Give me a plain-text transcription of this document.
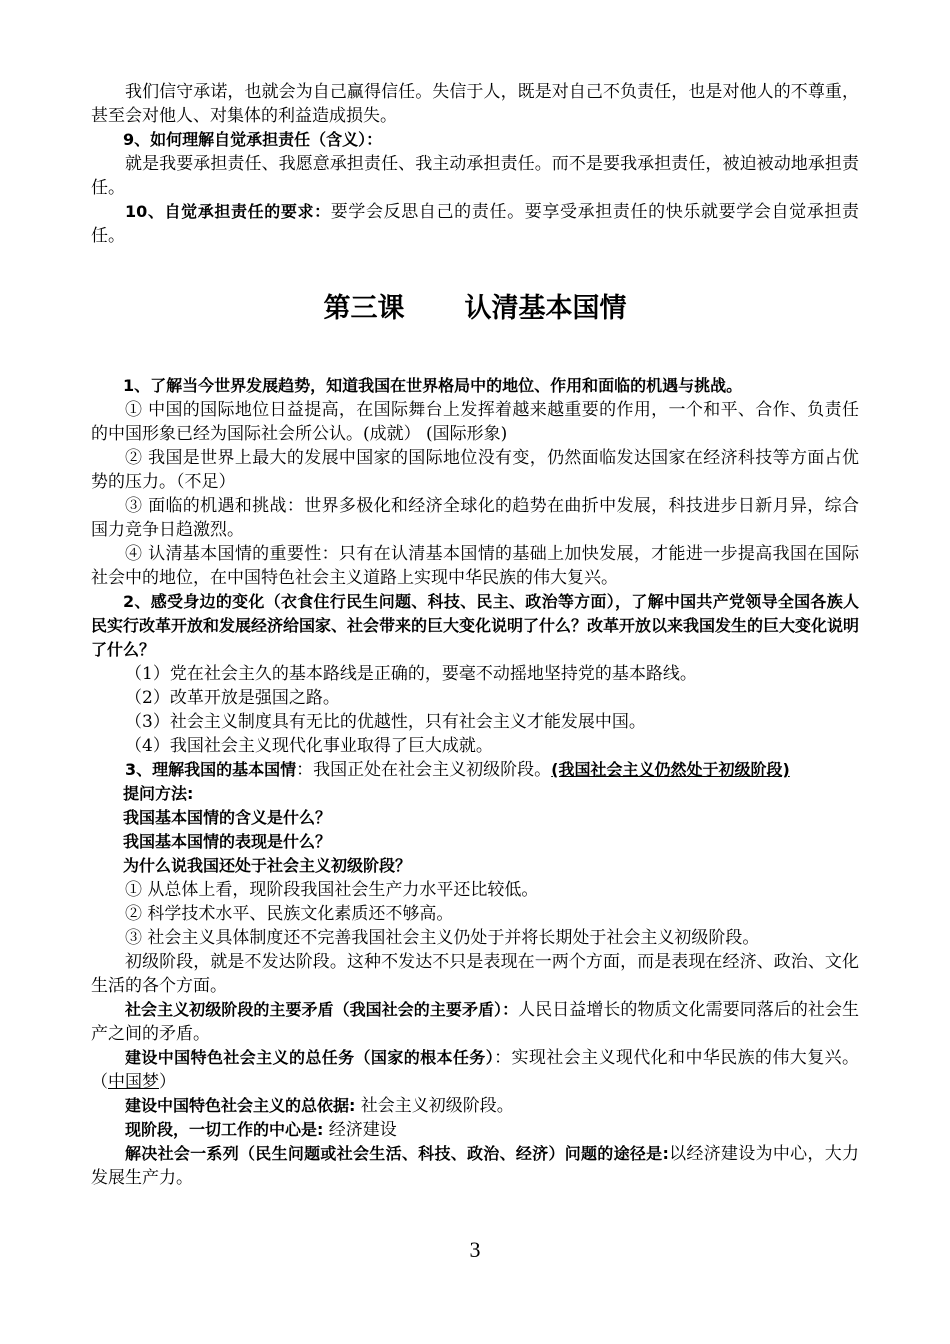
我们信守承诺，也就会为自己赢得信任。失信于人，既是对自己不负责任，也是对他人的不尊重，甚至会对他人、对集体的利益造成损失。

9、如何理解自觉承担责任（含义）：

就是我要承担责任、我愿意承担责任、我主动承担责任。而不是要我承担责任，被迫被动地承担责任。

10、自觉承担责任的要求：要学会反思自己的责任。要享受承担责任的快乐就要学会自觉承担责任。

第三课 认清基本国情

1、了解当今世界发展趋势，知道我国在世界格局中的地位、作用和面临的机遇与挑战。

① 中国的国际地位日益提高，在国际舞台上发挥着越来越重要的作用，一个和平、合作、负责任的中国形象已经为国际社会所公认。(成就） (国际形象)

② 我国是世界上最大的发展中国家的国际地位没有变，仍然面临发达国家在经济科技等方面占优势的压力。（不足）

③ 面临的机遇和挑战：世界多极化和经济全球化的趋势在曲折中发展，科技进步日新月异，综合国力竞争日趋激烈。

④ 认清基本国情的重要性：只有在认清基本国情的基础上加快发展，才能进一步提高我国在国际社会中的地位，在中国特色社会主义道路上实现中华民族的伟大复兴。

2、感受身边的变化（衣食住行民生问题、科技、民主、政治等方面），了解中国共产党领导全国各族人民实行改革开放和发展经济给国家、社会带来的巨大变化说明了什么？改革开放以来我国发生的巨大变化说明了什么？

（1）党在社会主久的基本路线是正确的，要毫不动摇地坚持党的基本路线。

（2）改革开放是强国之路。

（3）社会主义制度具有无比的优越性，只有社会主义才能发展中国。

（4）我国社会主义现代化事业取得了巨大成就。

3、理解我国的基本国情：我国正处在社会主义初级阶段。(我国社会主义仍然处于初级阶段)

提问方法:

我国基本国情的含义是什么？

我国基本国情的表现是什么？

为什么说我国还处于社会主义初级阶段？

① 从总体上看，现阶段我国社会生产力水平还比较低。

② 科学技术水平、民族文化素质还不够高。

③ 社会主义具体制度还不完善我国社会主义仍处于并将长期处于社会主义初级阶段。

初级阶段，就是不发达阶段。这种不发达不只是表现在一两个方面，而是表现在经济、政治、文化生活的各个方面。

社会主义初级阶段的主要矛盾（我国社会的主要矛盾）：人民日益增长的物质文化需要同落后的社会生产之间的矛盾。

建设中国特色社会主义的总任务（国家的根本任务）：实现社会主义现代化和中华民族的伟大复兴。（中国梦）

建设中国特色社会主义的总依据: 社会主义初级阶段。

现阶段，一切工作的中心是: 经济建设

解决社会一系列（民生问题或社会生活、科技、政治、经济）问题的途径是:以经济建设为中心，大力发展生产力。

3
